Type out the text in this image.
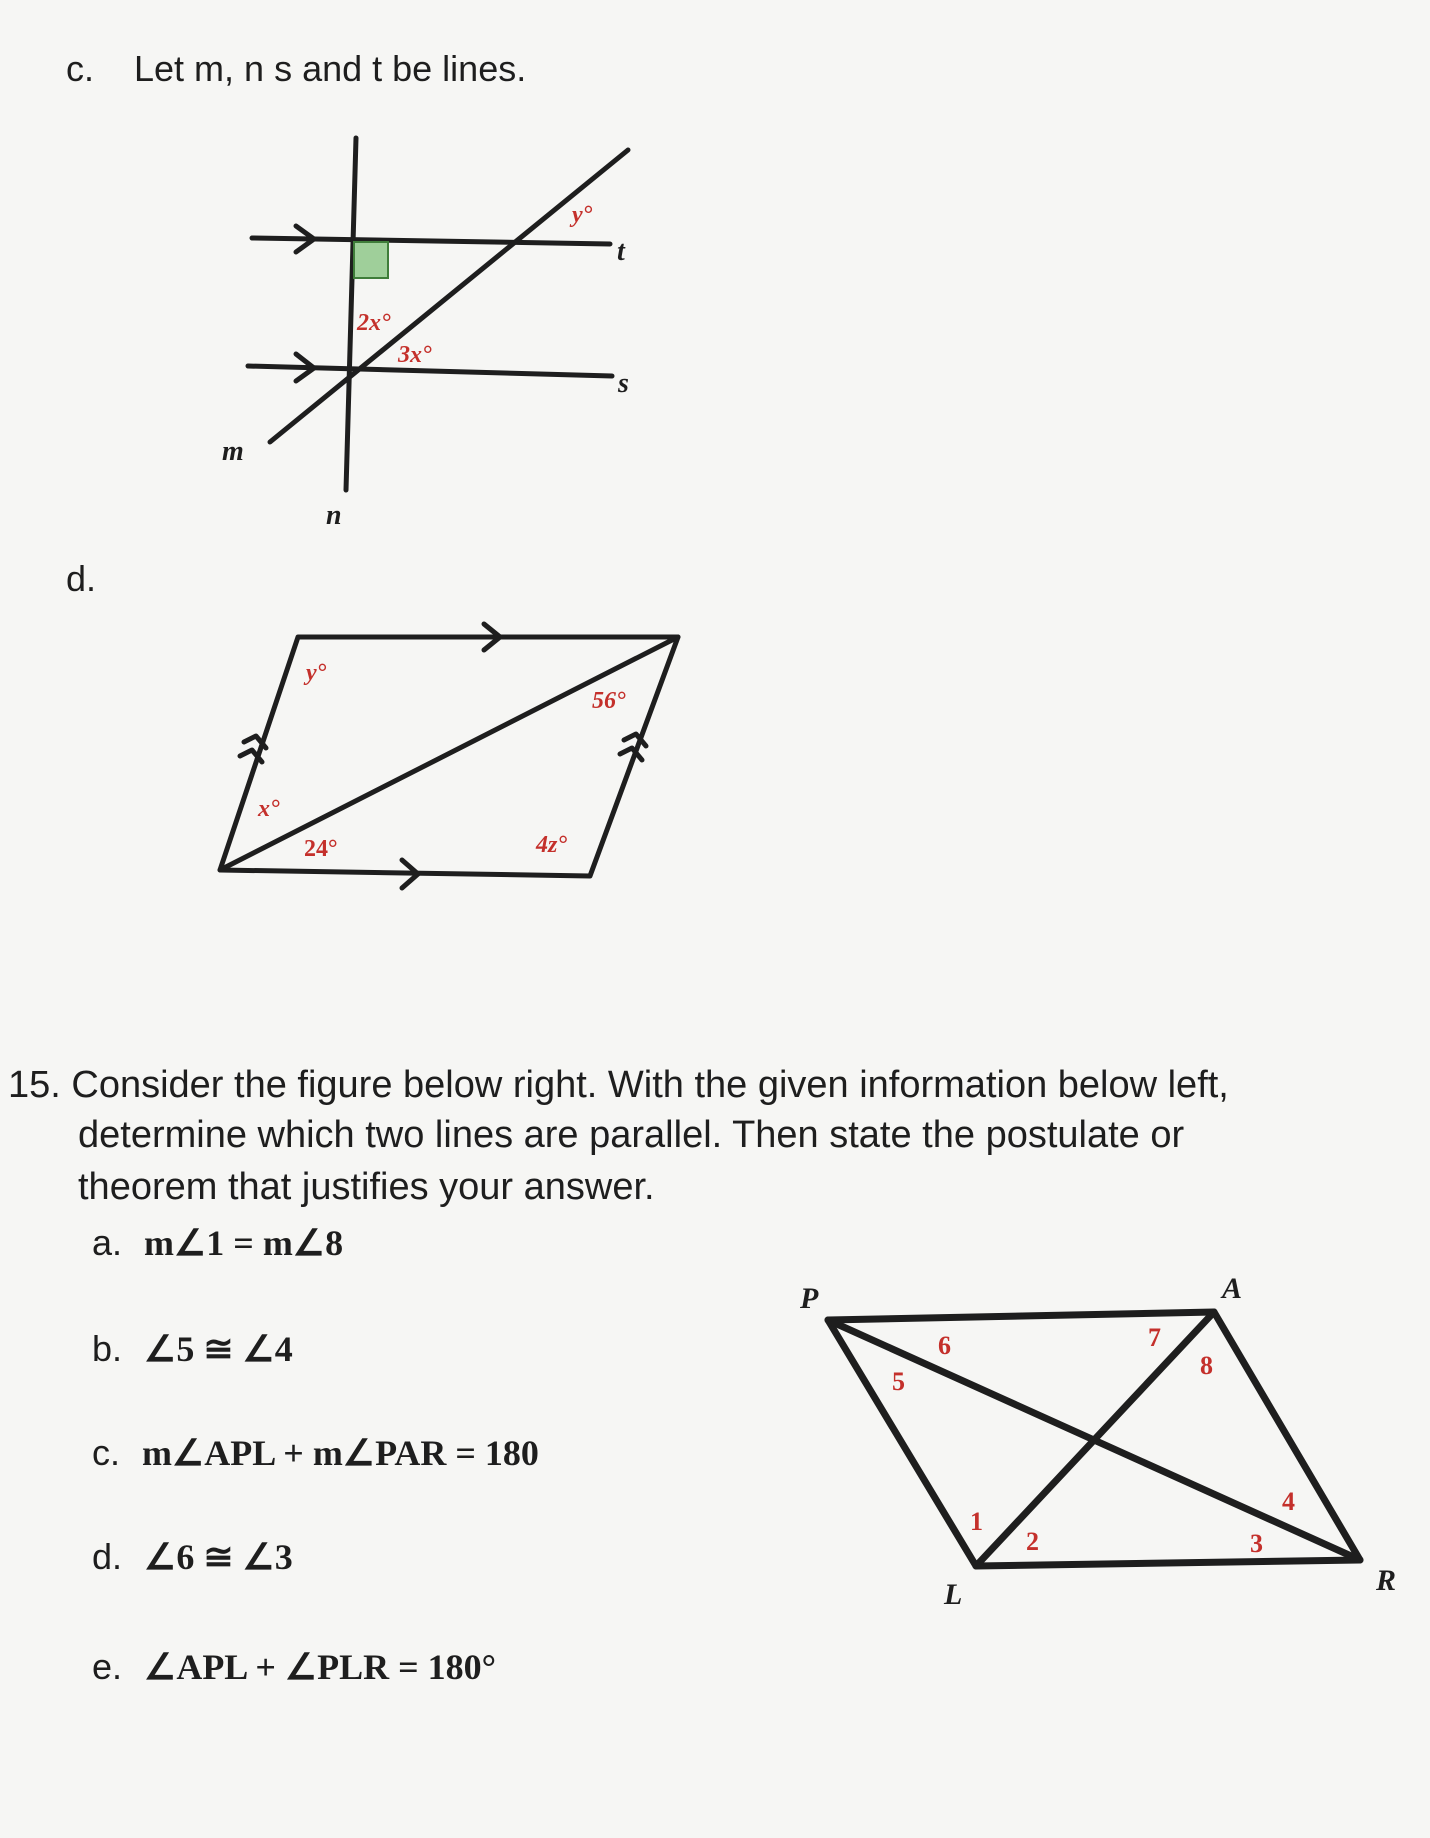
c. Let m, n s and t be lines.
y°
2x°
3x°
t
s
m
n
d.
y°
56°
x°
24°	4z°
15. Consider the figure below right. With the given information below left,
determine which two lines are parallel. Then state the postulate or
theorem that justifies your answer.
a. m∠1 = m∠8
b. ∠5 ≅ ∠4
c. m∠APL + m∠PAR = 180
d. ∠6 ≅ ∠3
e. ∠APL + ∠PLR = 180°
P	A
L	R
1
2	3
4
5
6	7
8
